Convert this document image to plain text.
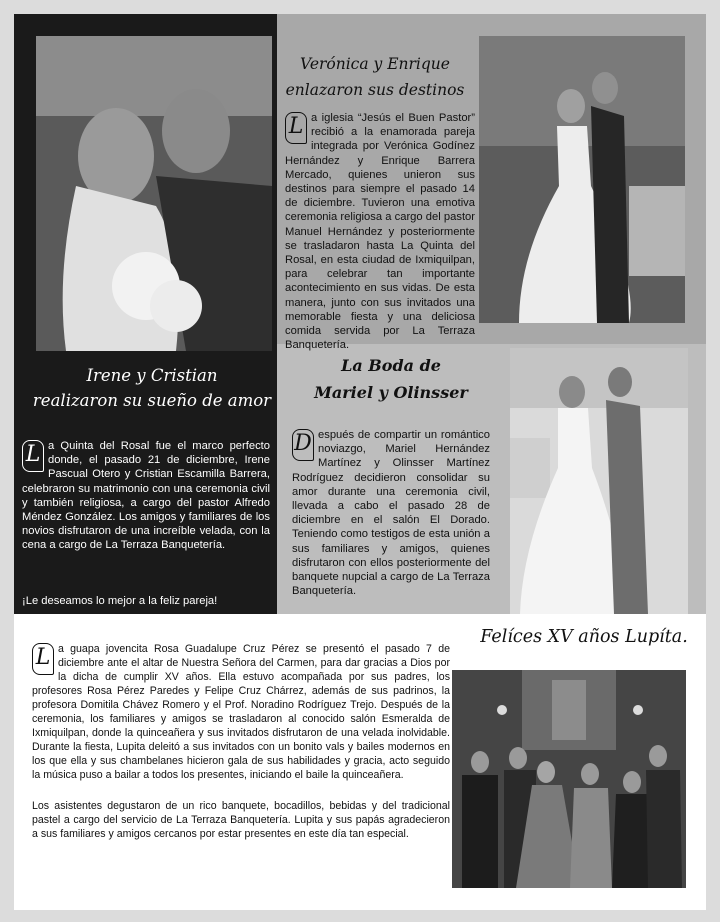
Irene y Cristian
realizaron su sueño de amor
L a Quinta del Rosal fue el marco perfecto donde, el pasado 21 de diciembre, Irene Pascual Otero y Cristian Escamilla Barrera, celebraron su matrimonio con una ceremonia civil y también religiosa, a cargo del pastor Alfredo Méndez González. Los amigos y familiares de los novios disfrutaron de una increíble velada, con la cena a cargo de La Terraza Banquetería.
¡Le deseamos lo mejor a la feliz pareja!
Verónica y Enrique
enlazaron sus destinos
L a iglesia “Jesús el Buen Pastor” recibió a la enamorada pareja integrada por Verónica Godínez Hernández y Enrique Barrera Mercado, quienes unieron sus destinos para siempre el pasado 14 de diciembre. Tuvieron una emotiva ceremonia religiosa a cargo del pastor Manuel Hernández y posteriormente se trasladaron hasta La Quinta del Rosal, en esta ciudad de Ixmiquilpan, para celebrar tan importante acontecimiento en sus vidas. De esta manera, junto con sus invitados una memorable fiesta y una deliciosa comida servida por La Terraza Banquetería.
La Boda de
Mariel y Olinsser
D espués de compartir un romántico noviazgo, Mariel Hernández Martínez y Olinsser Martínez Rodríguez decidieron consolidar su amor durante una ceremonia civil, llevada a cabo el pasado 28 de diciembre en el salón El Dorado. Teniendo como testigos de esta unión a sus familiares y amigos, quienes disfrutaron con ellos posteriormente del banquete nupcial a cargo de La Terraza Banquetería.
Felíces XV años Lupíta.
L a guapa jovencita Rosa Guadalupe Cruz Pérez se presentó el pasado 7 de diciembre ante el altar de Nuestra Señora del Carmen, para dar gracias a Dios por la dicha de cumplir XV años. Ella estuvo acompañada por sus padres, los profesores Rosa Pérez Paredes y Felipe Cruz Chárrez, además de sus padrinos, la profesora Domitila Chávez Romero y el Prof. Noradino Rodríguez Trejo. Después de la ceremonia, los familiares y amigos se trasladaron al conocido salón Esmeralda de Ixmiquilpan, donde la quinceañera y sus invitados disfrutaron de una velada inolvidable. Durante la fiesta, Lupita deleitó a sus invitados con un bonito vals y bailes modernos en los que ella y sus chambelanes hicieron gala de sus habilidades y gracia, acto seguido la música puso a bailar a todos los presentes, iniciando el baile la quinceañera.
Los asistentes degustaron de un rico banquete, bocadillos, bebidas y del tradicional pastel a cargo del servicio de La Terraza Banquetería. Lupita y sus papás agradecieron a sus familiares y amigos cercanos por estar presentes en este día tan especial.
